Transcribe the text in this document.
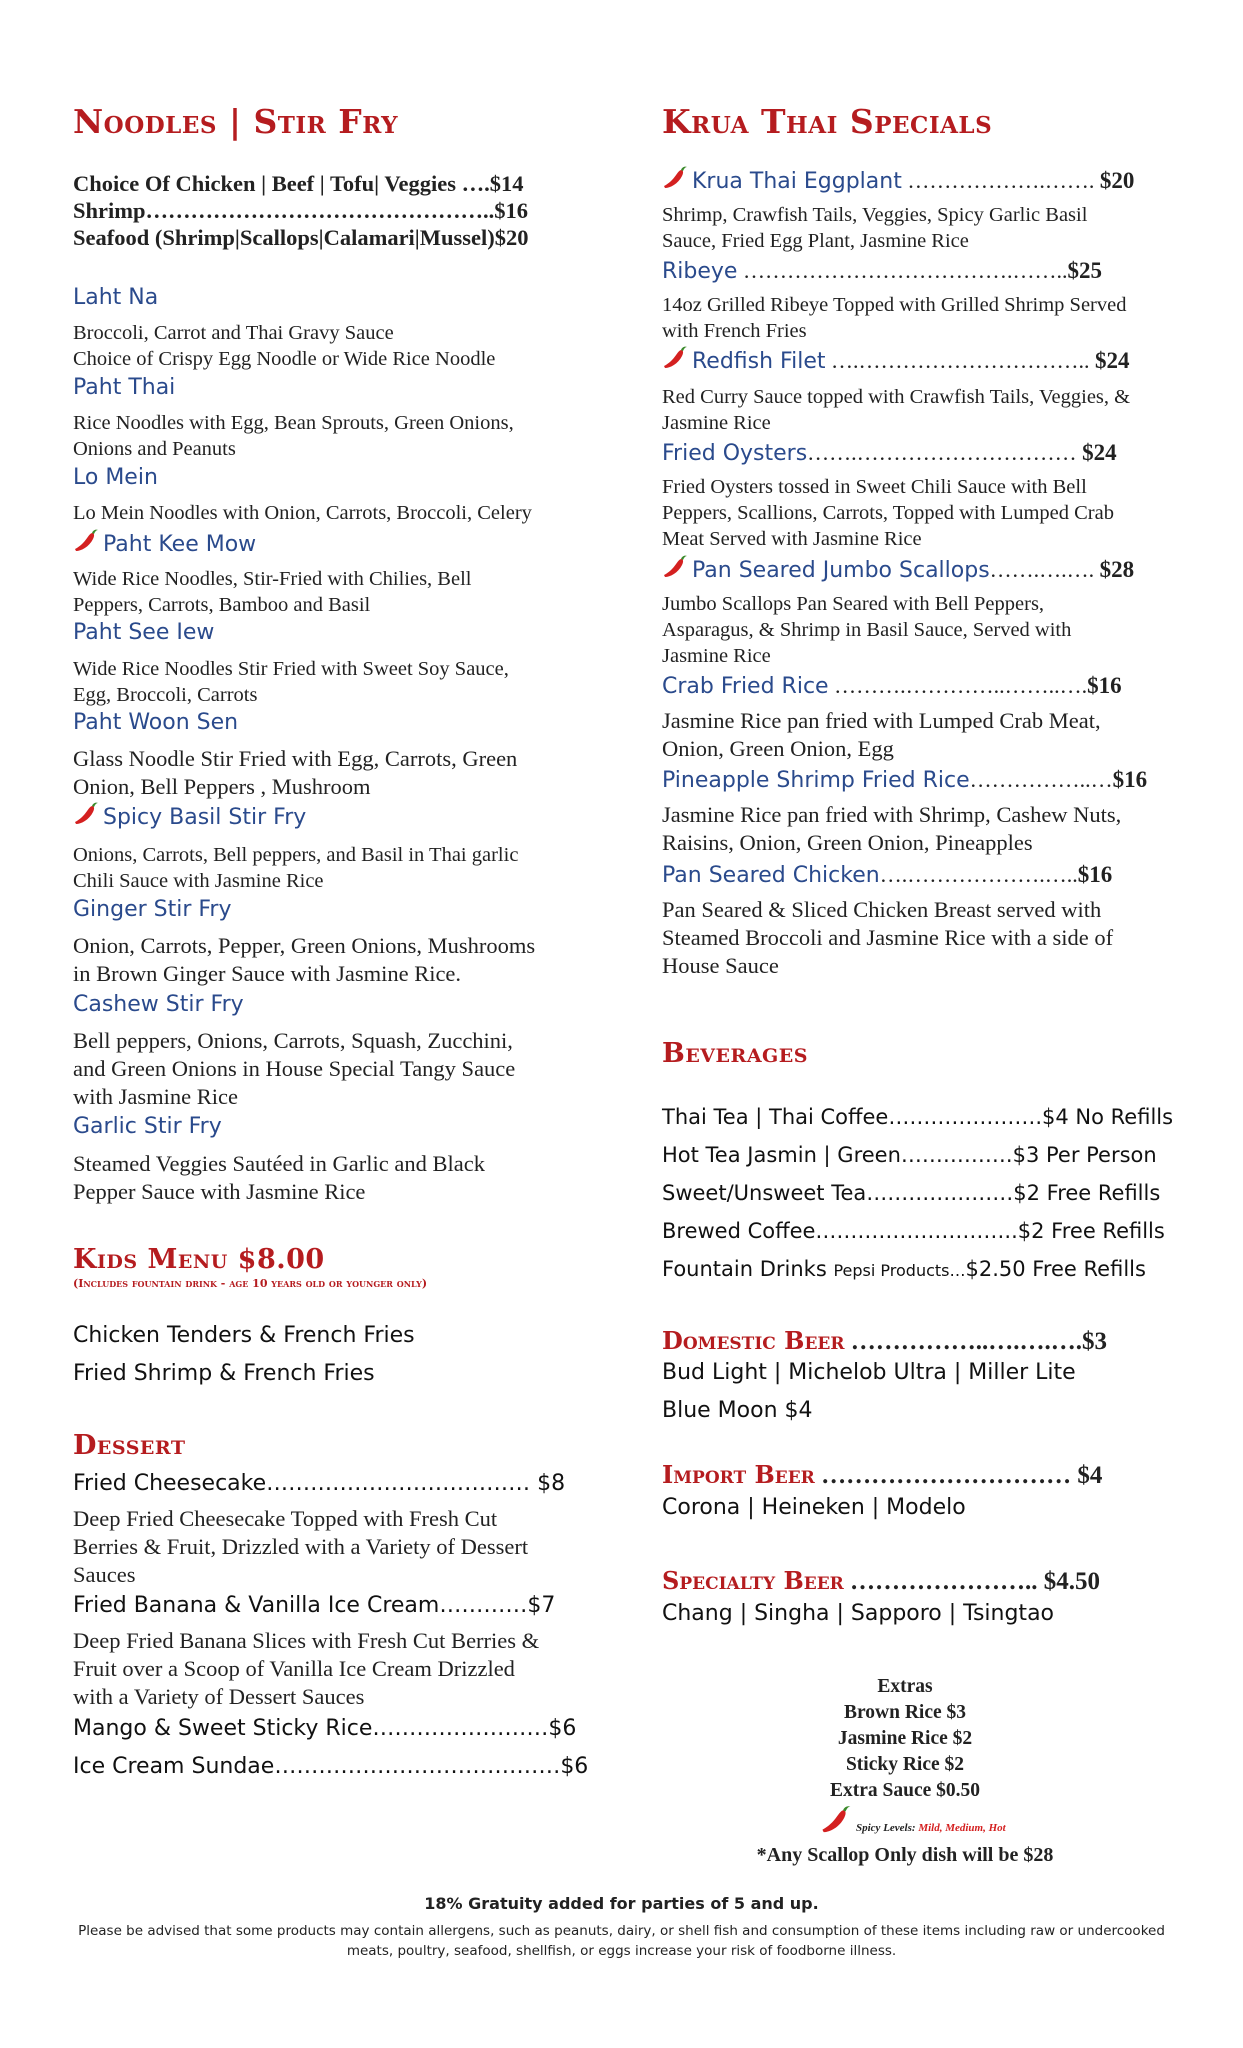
Noodles | Stir Fry
Choice Of Chicken | Beef | Tofu| Veggies ….$14
Shrimp………………………………………..$16
Seafood (Shrimp|Scallops|Calamari|Mussel)$20
Laht Na
Broccoli, Carrot and Thai Gravy Sauce
Choice of Crispy Egg Noodle or Wide Rice Noodle
Paht Thai
Rice Noodles with Egg, Bean Sprouts, Green Onions,
Onions and Peanuts
Lo Mein
Lo Mein Noodles with Onion, Carrots, Broccoli, Celery
Paht Kee Mow
Wide Rice Noodles, Stir-Fried with Chilies, Bell
Peppers, Carrots, Bamboo and Basil
Paht See Iew
Wide Rice Noodles Stir Fried with Sweet Soy Sauce,
Egg, Broccoli, Carrots
Paht Woon Sen
Glass Noodle Stir Fried with Egg, Carrots, Green
Onion, Bell Peppers , Mushroom
Spicy Basil Stir Fry
Onions, Carrots, Bell peppers, and Basil in Thai garlic
Chili Sauce with Jasmine Rice
Ginger Stir Fry
Onion, Carrots, Pepper, Green Onions, Mushrooms
in Brown Ginger Sauce with Jasmine Rice.
Cashew Stir Fry
Bell peppers, Onions, Carrots, Squash, Zucchini,
and Green Onions in House Special Tangy Sauce
with Jasmine Rice
Garlic Stir Fry
Steamed Veggies Sautéed in Garlic and Black
Pepper Sauce with Jasmine Rice
Kids Menu $8.00
(Includes fountain drink - age 10 years old or younger only)
Chicken Tenders & French Fries
Fried Shrimp & French Fries
Dessert
Fried Cheesecake……………………………… $8
Deep Fried Cheesecake Topped with Fresh Cut
Berries & Fruit, Drizzled with a Variety of Dessert
Sauces
Fried Banana & Vanilla Ice Cream…………$7
Deep Fried Banana Slices with Fresh Cut Berries &
Fruit over a Scoop of Vanilla Ice Cream Drizzled
with a Variety of Dessert Sauces
Mango & Sweet Sticky Rice……………………$6
Ice Cream Sundae…………………………………$6
Krua Thai Specials
Krua Thai Eggplant ……………….……. $20
Shrimp, Crawfish Tails, Veggies, Spicy Garlic Basil
Sauce, Fried Egg Plant, Jasmine Rice
Ribeye ……………………………….……..$25
14oz Grilled Ribeye Topped with Grilled Shrimp Served
with French Fries
Redfish Filet ….………………………….. $24
Red Curry Sauce topped with Crawfish Tails, Veggies, &
Jasmine Rice
Fried Oysters…….………………………… $24
Fried Oysters tossed in Sweet Chili Sauce with Bell
Peppers, Scallions, Carrots, Topped with Lumped Crab
Meat Served with Jasmine Rice
Pan Seared Jumbo Scallops…….….…. $28
Jumbo Scallops Pan Seared with Bell Peppers,
Asparagus, & Shrimp in Basil Sauce, Served with
Jasmine Rice
Crab Fried Rice ……….…………..……..….$16
Jasmine Rice pan fried with Lumped Crab Meat,
Onion, Green Onion, Egg
Pineapple Shrimp Fried Rice……………..…$16
Jasmine Rice pan fried with Shrimp, Cashew Nuts,
Raisins, Onion, Green Onion, Pineapples
Pan Seared Chicken….……………….…..$16
Pan Seared & Sliced Chicken Breast served with
Steamed Broccoli and Jasmine Rice with a side of
House Sauce
Beverages
Thai Tea | Thai Coffee………………….$4 No Refills
Hot Tea Jasmin | Green…………….$3 Per Person
Sweet/Unsweet Tea…………………$2 Free Refills
Brewed Coffee………………………..$2 Free Refills
Fountain Drinks Pepsi Products…$2.50 Free Refills
Domestic Beer ……………..….….….$3
Bud Light | Michelob Ultra | Miller Lite
Blue Moon $4
Import Beer ………………………… $4
Corona | Heineken | Modelo
Specialty Beer ………………….. $4.50
Chang | Singha | Sapporo | Tsingtao
Extras
Brown Rice $3
Jasmine Rice $2
Sticky Rice $2
Extra Sauce $0.50
Spicy Levels: Mild, Medium, Hot
*Any Scallop Only dish will be $28
18% Gratuity added for parties of 5 and up.
Please be advised that some products may contain allergens, such as peanuts, dairy, or shell fish and consumption of these items including raw or undercooked
meats, poultry, seafood, shellfish, or eggs increase your risk of foodborne illness.
